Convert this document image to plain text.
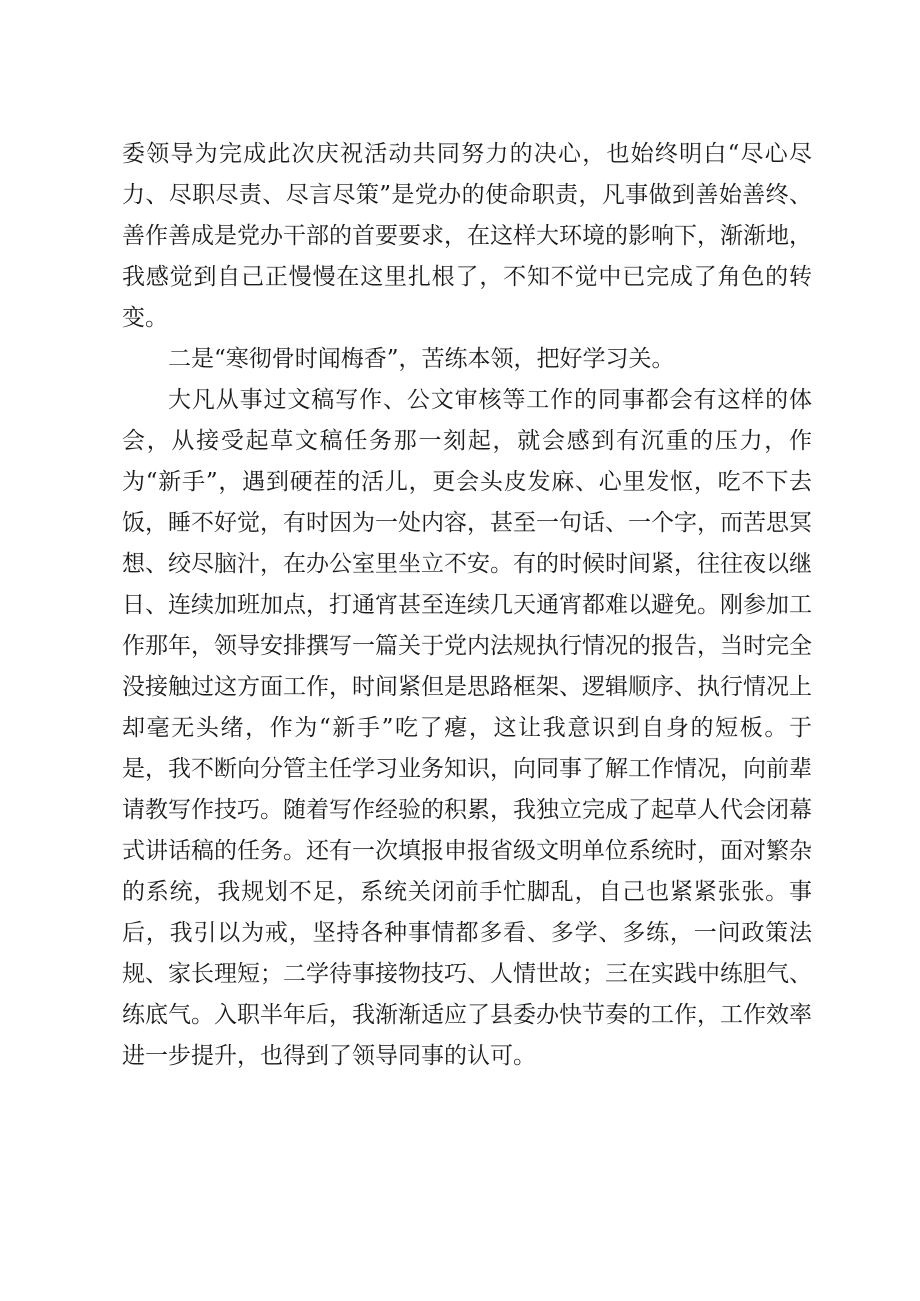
委领导为完成此次庆祝活动共同努力的决心，也始终明白“尽心尽力、尽职尽责、尽言尽策”是党办的使命职责，凡事做到善始善终、善作善成是党办干部的首要要求，在这样大环境的影响下，渐渐地，我感觉到自己正慢慢在这里扎根了，不知不觉中已完成了角色的转变。

二是“寒彻骨时闻梅香”，苦练本领，把好学习关。

大凡从事过文稿写作、公文审核等工作的同事都会有这样的体会，从接受起草文稿任务那一刻起，就会感到有沉重的压力，作为“新手”，遇到硬茬的活儿，更会头皮发麻、心里发怄，吃不下去饭，睡不好觉，有时因为一处内容，甚至一句话、一个字，而苦思冥想、绞尽脑汁，在办公室里坐立不安。有的时候时间紧，往往夜以继日、连续加班加点，打通宵甚至连续几天通宵都难以避免。刚参加工作那年，领导安排撰写一篇关于党内法规执行情况的报告，当时完全没接触过这方面工作，时间紧但是思路框架、逻辑顺序、执行情况上却毫无头绪，作为“新手”吃了瘪，这让我意识到自身的短板。于是，我不断向分管主任学习业务知识，向同事了解工作情况，向前辈请教写作技巧。随着写作经验的积累，我独立完成了起草人代会闭幕式讲话稿的任务。还有一次填报申报省级文明单位系统时，面对繁杂的系统，我规划不足，系统关闭前手忙脚乱，自己也紧紧张张。事后，我引以为戒，坚持各种事情都多看、多学、多练，一问政策法规、家长理短；二学待事接物技巧、人情世故；三在实践中练胆气、练底气。入职半年后，我渐渐适应了县委办快节奏的工作，工作效率进一步提升，也得到了领导同事的认可。
